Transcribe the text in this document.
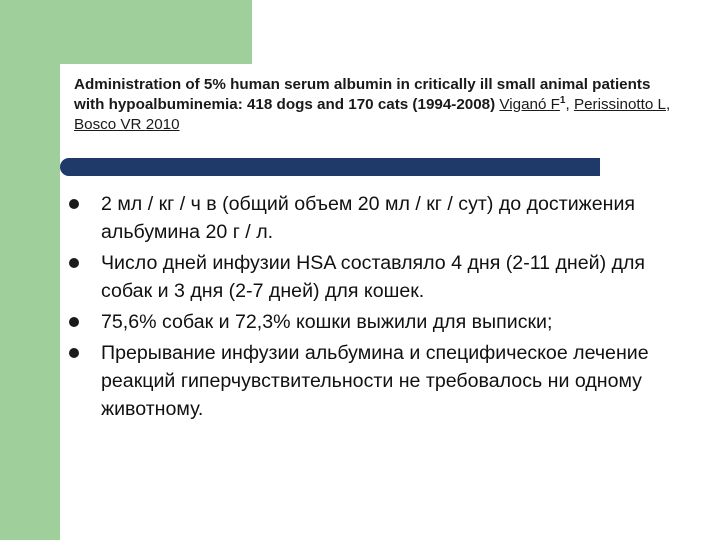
Administration of 5% human serum albumin in critically ill small animal patients with hypoalbuminemia: 418 dogs and 170 cats (1994-2008) Viganó $F^1$, Perissinotto L, Bosco VR 2010
2 мл / кг / ч в (общий объем 20 мл / кг / сут) до достижения альбумина 20 г / л.
Число дней инфузии HSA составляло 4 дня (2-11 дней) для собак и 3 дня (2-7 дней) для кошек.
75,6% собак и 72,3% кошки выжили для выписки;
Прерывание инфузии альбумина и специфическое лечение реакций гиперчувствительности не требовалось ни одному животному.
